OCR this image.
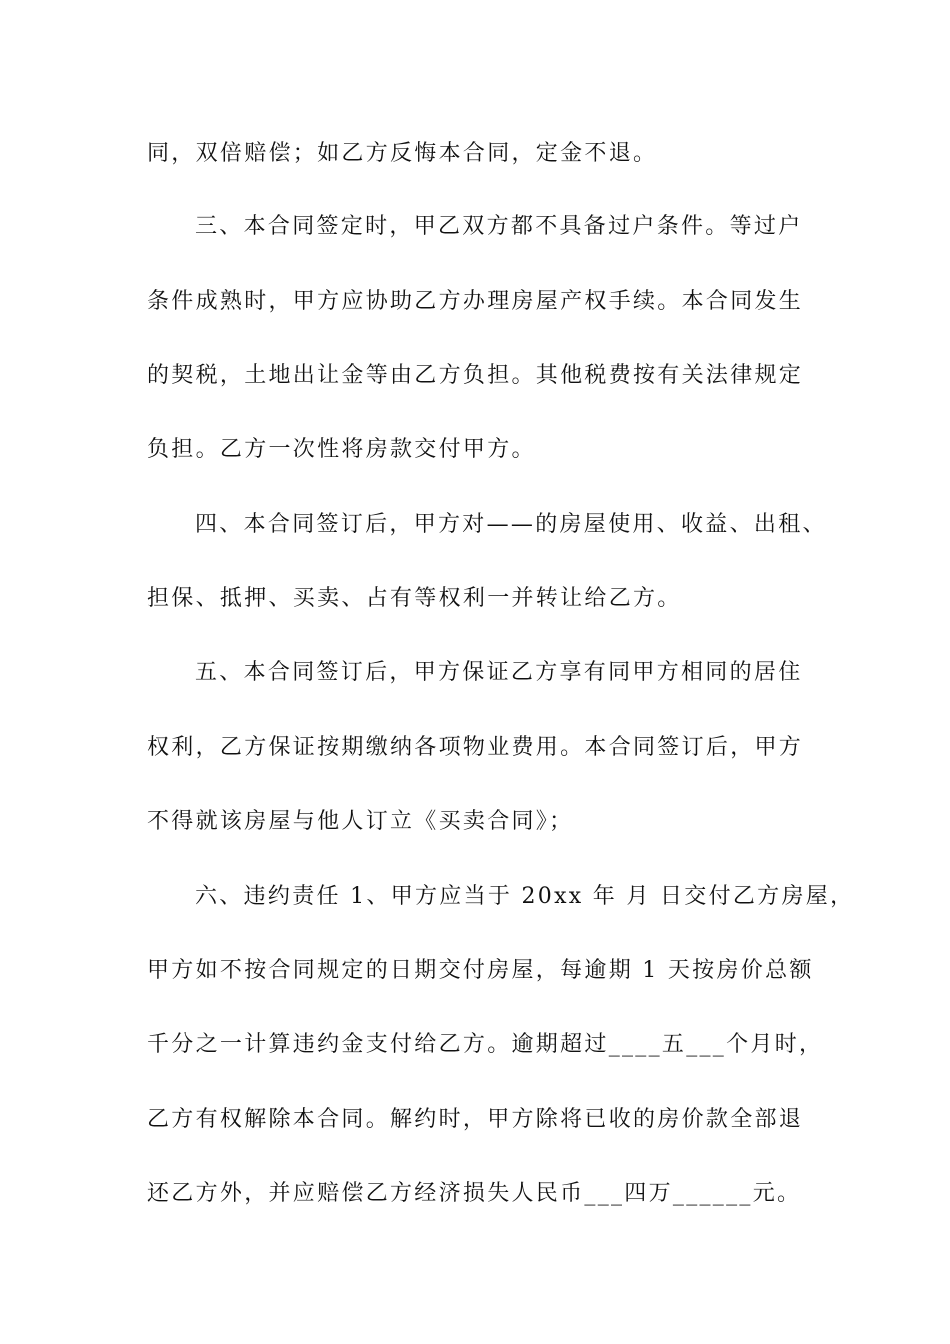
同，双倍赔偿；如乙方反悔本合同，定金不退。
三、本合同签定时，甲乙双方都不具备过户条件。等过户
条件成熟时，甲方应协助乙方办理房屋产权手续。本合同发生
的契税，土地出让金等由乙方负担。其他税费按有关法律规定
负担。乙方一次性将房款交付甲方。
四、本合同签订后，甲方对——的房屋使用、收益、出租、
担保、抵押、买卖、占有等权利一并转让给乙方。
五、本合同签订后，甲方保证乙方享有同甲方相同的居住
权利，乙方保证按期缴纳各项物业费用。本合同签订后，甲方
不得就该房屋与他人订立《买卖合同》；
六、违约责任 1、甲方应当于 20xx 年 月 日交付乙方房屋，
甲方如不按合同规定的日期交付房屋，每逾期 1 天按房价总额
千分之一计算违约金支付给乙方。逾期超过____五___个月时，
乙方有权解除本合同。解约时，甲方除将已收的房价款全部退
还乙方外，并应赔偿乙方经济损失人民币___四万______元。
